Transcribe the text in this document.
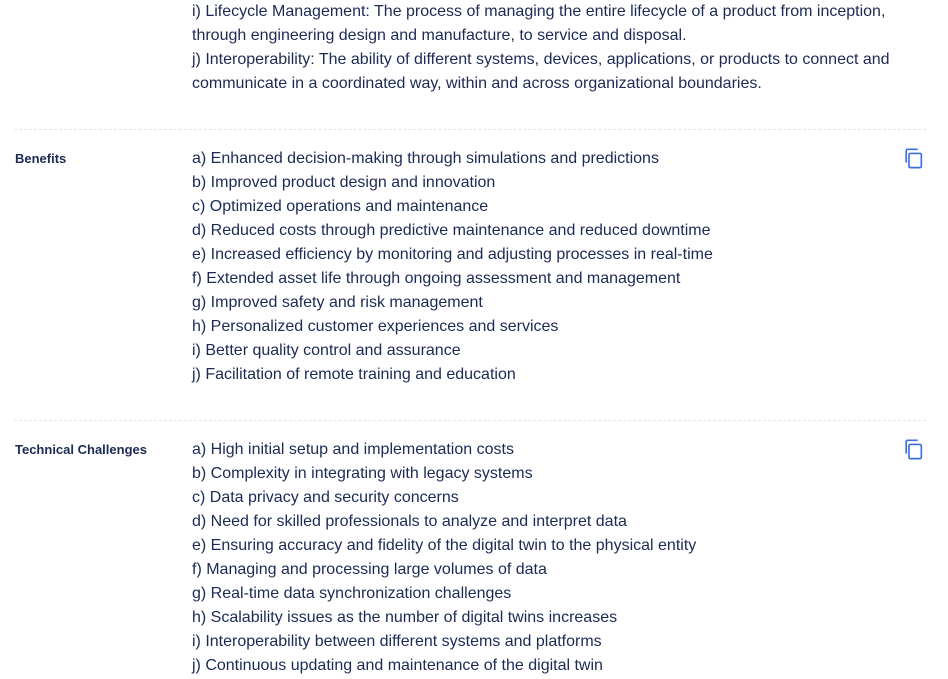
i) Lifecycle Management: The process of managing the entire lifecycle of a product from inception,
through engineering design and manufacture, to service and disposal.
j) Interoperability: The ability of different systems, devices, applications, or products to connect and
communicate in a coordinated way, within and across organizational boundaries.
Benefits	a) Enhanced decision-making through simulations and predictions
b) Improved product design and innovation
c) Optimized operations and maintenance
d) Reduced costs through predictive maintenance and reduced downtime
e) Increased efficiency by monitoring and adjusting processes in real-time
f) Extended asset life through ongoing assessment and management
g) Improved safety and risk management
h) Personalized customer experiences and services
i) Better quality control and assurance
j) Facilitation of remote training and education
Technical Challenges	a) High initial setup and implementation costs
b) Complexity in integrating with legacy systems
c) Data privacy and security concerns
d) Need for skilled professionals to analyze and interpret data
e) Ensuring accuracy and fidelity of the digital twin to the physical entity
f) Managing and processing large volumes of data
g) Real-time data synchronization challenges
h) Scalability issues as the number of digital twins increases
i) Interoperability between different systems and platforms
j) Continuous updating and maintenance of the digital twin
